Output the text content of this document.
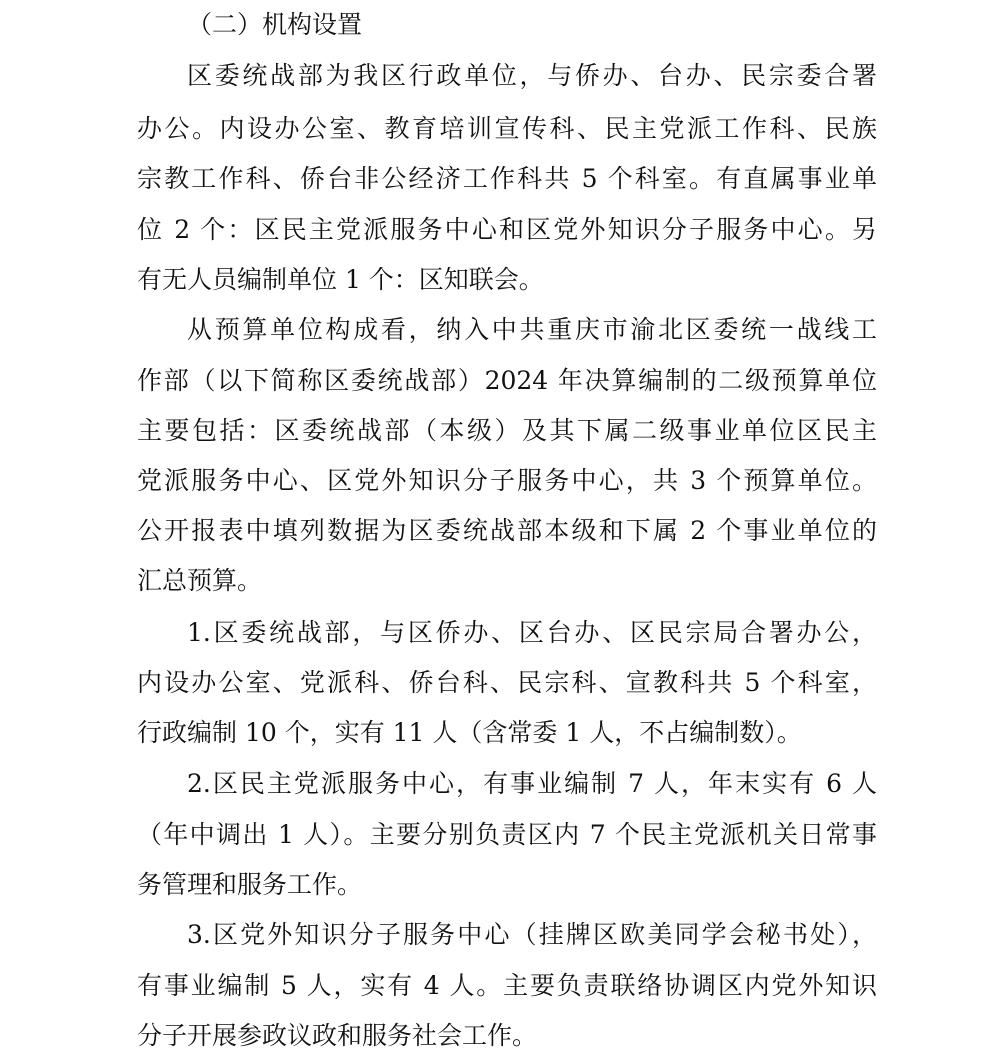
（二）机构设置
区委统战部为我区行政单位，与侨办、台办、民宗委合署
办公。内设办公室、教育培训宣传科、民主党派工作科、民族
宗教工作科、侨台非公经济工作科共 5 个科室。有直属事业单
位 2 个：区民主党派服务中心和区党外知识分子服务中心。另
有无人员编制单位 1 个：区知联会。
从预算单位构成看，纳入中共重庆市渝北区委统一战线工
作部（以下简称区委统战部）2024 年决算编制的二级预算单位
主要包括：区委统战部（本级）及其下属二级事业单位区民主
党派服务中心、区党外知识分子服务中心，共 3 个预算单位。
公开报表中填列数据为区委统战部本级和下属 2 个事业单位的
汇总预算。
1.区委统战部，与区侨办、区台办、区民宗局合署办公，
内设办公室、党派科、侨台科、民宗科、宣教科共 5 个科室，
行政编制 10 个，实有 11 人（含常委 1 人，不占编制数）。
2.区民主党派服务中心，有事业编制 7 人，年末实有 6 人
（年中调出 1 人）。主要分别负责区内 7 个民主党派机关日常事
务管理和服务工作。
3.区党外知识分子服务中心（挂牌区欧美同学会秘书处），
有事业编制 5 人，实有 4 人。主要负责联络协调区内党外知识
分子开展参政议政和服务社会工作。
